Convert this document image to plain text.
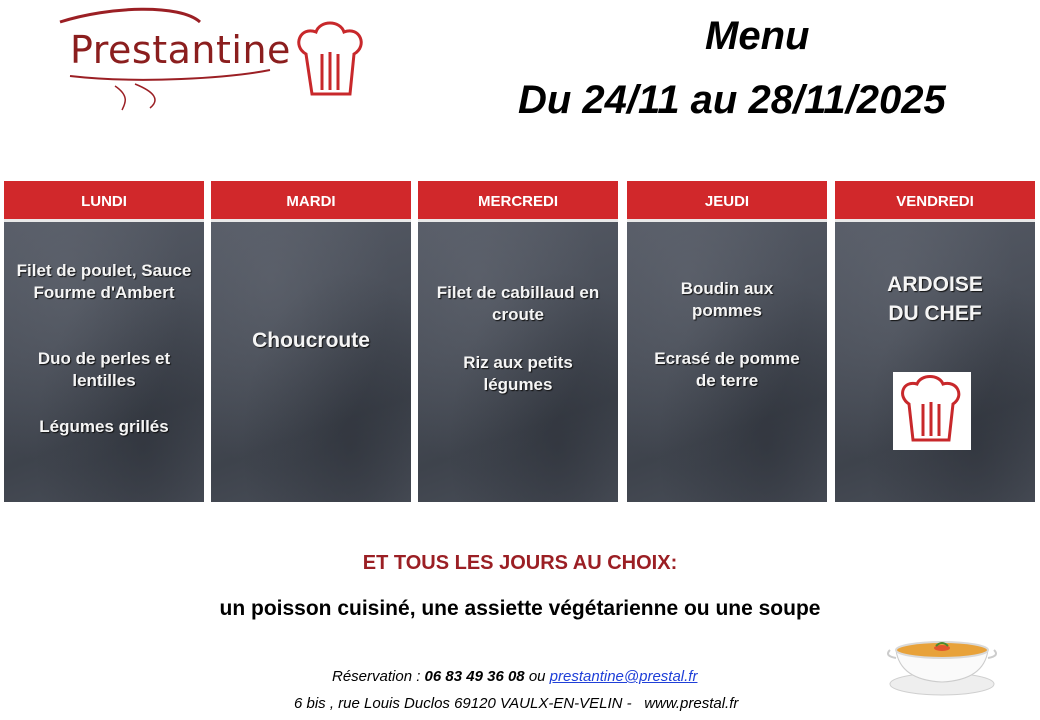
Prestantine	Menu
Du 24/11 au 28/11/2025
LUNDI
Filet de poulet, Sauce Fourme d'Ambert
Duo de perles et lentilles
Légumes grillés
MARDI
Choucroute
MERCREDI
Filet de cabillaud en croute
Riz aux petits légumes
JEUDI
Boudin aux pommes
Ecrasé de pomme de terre
VENDREDI
ARDOISE DU CHEF
ET TOUS LES JOURS AU CHOIX:
un poisson cuisiné, une assiette végétarienne ou une soupe
Réservation : 06 83 49 36 08 ou prestantine@prestal.fr
6 bis , rue Louis Duclos 69120 VAULX-EN-VELIN - www.prestal.fr
